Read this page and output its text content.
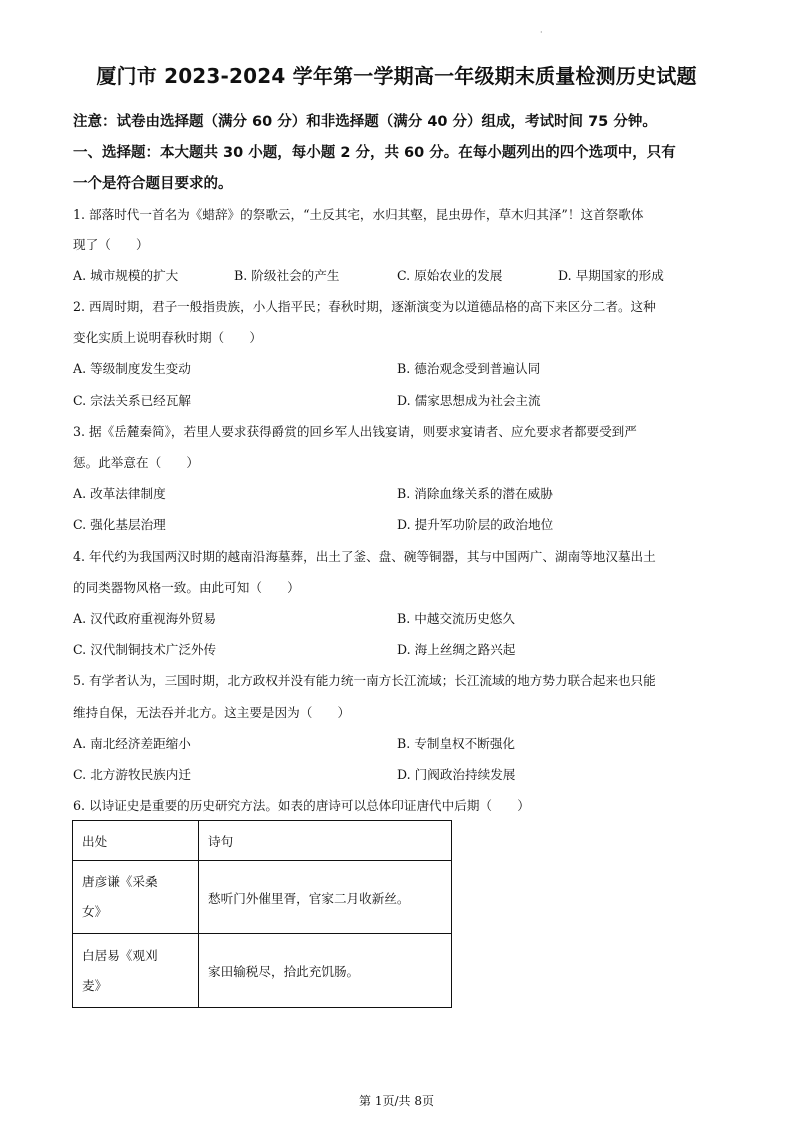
·
厦门市 2023-2024 学年第一学期高一年级期末质量检测历史试题
注意：试卷由选择题（满分 60 分）和非选择题（满分 40 分）组成，考试时间 75 分钟。
一、选择题：本大题共 30 小题，每小题 2 分，共 60 分。在每小题列出的四个选项中，只有
一个是符合题目要求的。
1. 部落时代一首名为《蜡辞》的祭歌云，“土反其宅，水归其壑，昆虫毋作，草木归其泽”！这首祭歌体
现了（　　）
A. 城市规模的扩大	B. 阶级社会的产生	C. 原始农业的发展	D. 早期国家的形成
2. 西周时期，君子一般指贵族，小人指平民；春秋时期，逐渐演变为以道德品格的高下来区分二者。这种
变化实质上说明春秋时期（　　）
A. 等级制度发生变动	B. 德治观念受到普遍认同
C. 宗法关系已经瓦解	D. 儒家思想成为社会主流
3. 据《岳麓秦简》，若里人要求获得爵赏的回乡军人出钱宴请，则要求宴请者、应允要求者都要受到严
惩。此举意在（　　）
A. 改革法律制度	B. 消除血缘关系的潜在威胁
C. 强化基层治理	D. 提升军功阶层的政治地位
4. 年代约为我国两汉时期的越南沿海墓葬，出土了釜、盘、碗等铜器，其与中国两广、湖南等地汉墓出土
的同类器物风格一致。由此可知（　　）
A. 汉代政府重视海外贸易	B. 中越交流历史悠久
C. 汉代制铜技术广泛外传	D. 海上丝绸之路兴起
5. 有学者认为，三国时期，北方政权并没有能力统一南方长江流域；长江流域的地方势力联合起来也只能
维持自保，无法吞并北方。这主要是因为（　　）
A. 南北经济差距缩小	B. 专制皇权不断强化
C. 北方游牧民族内迁	D. 门阀政治持续发展
6. 以诗证史是重要的历史研究方法。如表的唐诗可以总体印证唐代中后期（　　）
出处	诗句

唐彦谦《采桑
女》	愁听门外催里胥，官家二月收新丝。

白居易《观刈
麦》	家田输税尽，拾此充饥肠。
第 1页/共 8页
